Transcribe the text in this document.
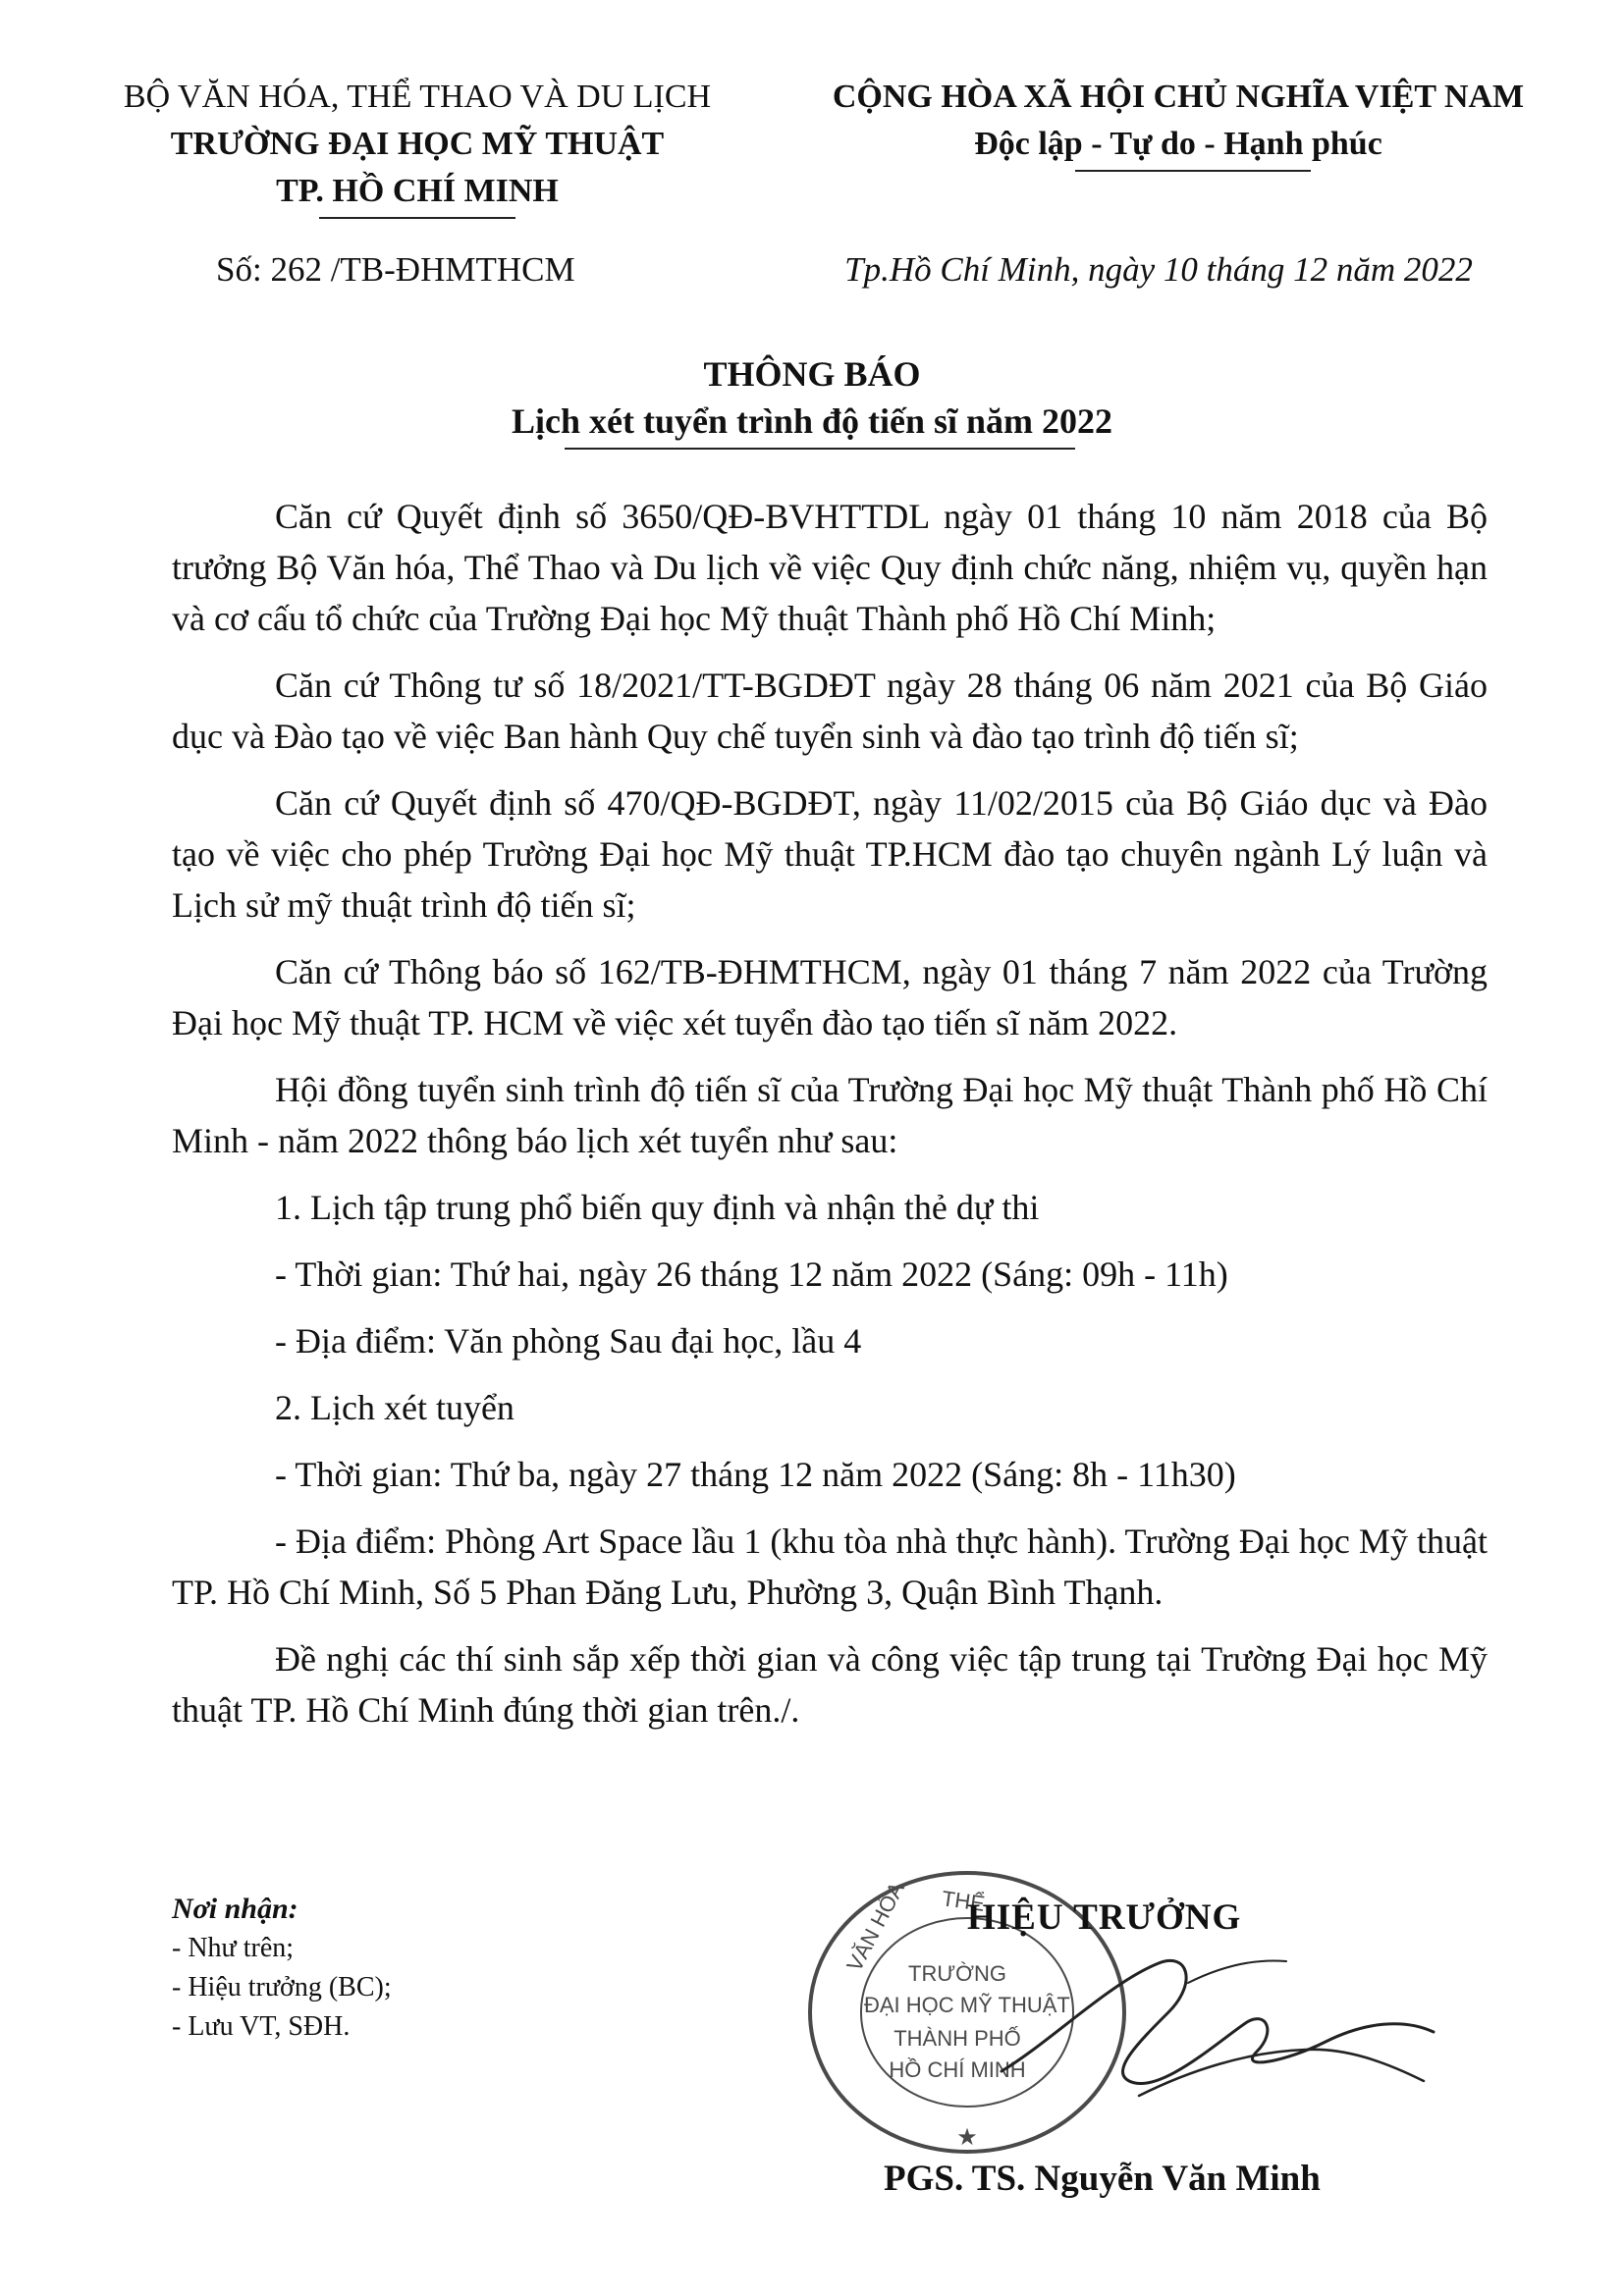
BỘ VĂN HÓA, THỂ THAO VÀ DU LỊCH
TRƯỜNG ĐẠI HỌC MỸ THUẬT
TP. HỒ CHÍ MINH
CỘNG HÒA XÃ HỘI CHỦ NGHĨA VIỆT NAM
Độc lập - Tự do - Hạnh phúc
Số: 262 /TB-ĐHMTHCM	Tp.Hồ Chí Minh, ngày 10 tháng 12 năm 2022
THÔNG BÁO
Lịch xét tuyển trình độ tiến sĩ năm 2022

Căn cứ Quyết định số 3650/QĐ-BVHTTDL ngày 01 tháng 10 năm 2018 của Bộ trưởng Bộ Văn hóa, Thể Thao và Du lịch về việc Quy định chức năng, nhiệm vụ, quyền hạn và cơ cấu tổ chức của Trường Đại học Mỹ thuật Thành phố Hồ Chí Minh;

Căn cứ Thông tư số 18/2021/TT-BGDĐT ngày 28 tháng 06 năm 2021 của Bộ Giáo dục và Đào tạo về việc Ban hành Quy chế tuyển sinh và đào tạo trình độ tiến sĩ;

Căn cứ Quyết định số 470/QĐ-BGDĐT, ngày 11/02/2015 của Bộ Giáo dục và Đào tạo về việc cho phép Trường Đại học Mỹ thuật TP.HCM đào tạo chuyên ngành Lý luận và Lịch sử mỹ thuật trình độ tiến sĩ;

Căn cứ Thông báo số 162/TB-ĐHMTHCM, ngày 01 tháng 7 năm 2022 của Trường Đại học Mỹ thuật TP. HCM về việc xét tuyển đào tạo tiến sĩ năm 2022.

Hội đồng tuyển sinh trình độ tiến sĩ của Trường Đại học Mỹ thuật Thành phố Hồ Chí Minh - năm 2022 thông báo lịch xét tuyển như sau:

1. Lịch tập trung phổ biến quy định và nhận thẻ dự thi

- Thời gian: Thứ hai, ngày 26 tháng 12 năm 2022 (Sáng: 09h - 11h)

- Địa điểm: Văn phòng Sau đại học, lầu 4

2. Lịch xét tuyển

- Thời gian: Thứ ba, ngày 27 tháng 12 năm 2022 (Sáng: 8h - 11h30)

- Địa điểm: Phòng Art Space lầu 1 (khu tòa nhà thực hành). Trường Đại học Mỹ thuật TP. Hồ Chí Minh, Số 5 Phan Đăng Lưu, Phường 3, Quận Bình Thạnh.

Đề nghị các thí sinh sắp xếp thời gian và công việc tập trung tại Trường Đại học Mỹ thuật TP. Hồ Chí Minh đúng thời gian trên./.

Nơi nhận:
- Như trên;
- Hiệu trưởng (BC);
- Lưu VT, SĐH.
THỂ
VĂN HÓA
★
TRƯỜNG
ĐẠI HỌC MỸ THUẬT
THÀNH PHỐ
HỒ CHÍ MINH
HIỆU TRƯỞNG
PGS. TS. Nguyễn Văn Minh
